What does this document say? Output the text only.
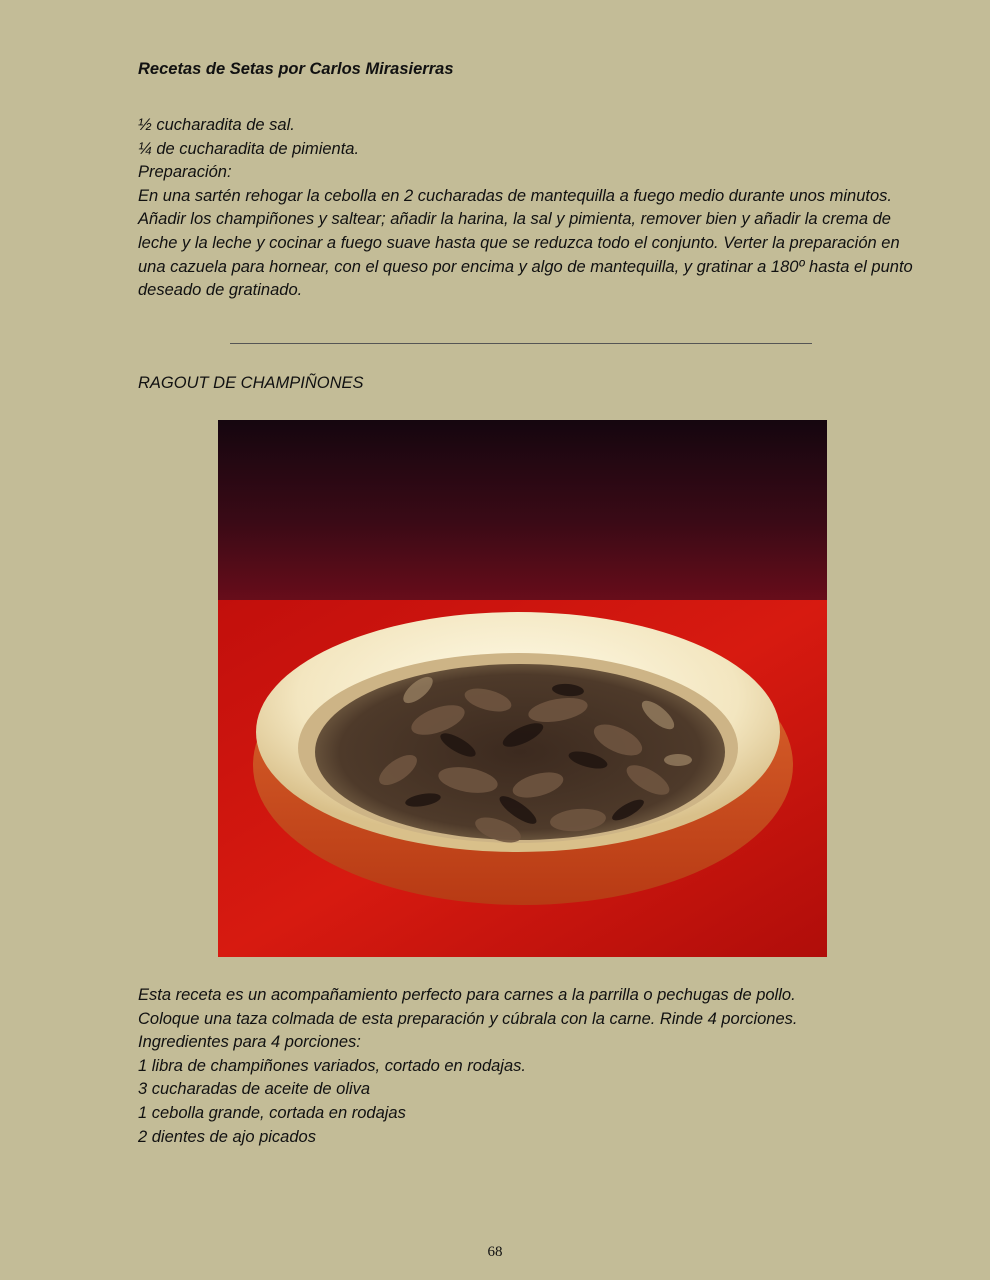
Recetas de Setas por Carlos Mirasierras

½ cucharadita de sal.

¼ de cucharadita de pimienta.

Preparación:

En una sartén rehogar la cebolla en 2 cucharadas de mantequilla a fuego medio durante unos minutos.

Añadir los champiñones y saltear; añadir la harina, la sal y pimienta, remover bien y añadir la crema de leche y la leche y cocinar a fuego suave hasta que se reduzca todo el conjunto. Verter la preparación en una cazuela para hornear, con el queso por encima y algo de mantequilla, y gratinar a 180º hasta el punto deseado de gratinado.

RAGOUT DE CHAMPIÑONES

Esta receta es un acompañamiento perfecto para carnes a la parrilla o pechugas de pollo.

Coloque una taza colmada de esta preparación y cúbrala con la carne. Rinde 4 porciones.

Ingredientes para 4 porciones:

1 libra de champiñones variados, cortado en rodajas.

3 cucharadas de aceite de oliva

1 cebolla grande, cortada en rodajas

2 dientes de ajo picados

68
